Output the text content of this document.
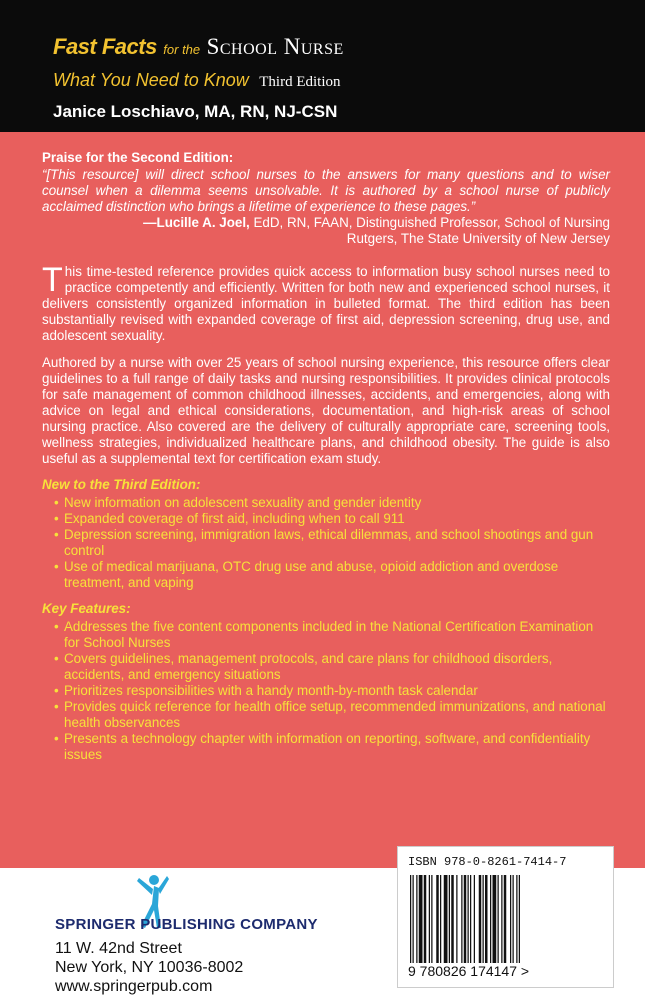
Fast Facts for the School Nurse
What You Need to Know Third Edition
Janice Loschiavo, MA, RN, NJ-CSN

Praise for the Second Edition:

“[This resource] will direct school nurses to the answers for many questions and to wiser counsel when a dilemma seems unsolvable. It is authored by a school nurse of publicly acclaimed distinction who brings a lifetime of experience to these pages.”

—Lucille A. Joel, EdD, RN, FAAN, Distinguished Professor, School of Nursing
Rutgers, The State University of New Jersey

This time-tested reference provides quick access to information busy school nurses need to practice competently and efficiently. Written for both new and experienced school nurses, it delivers consistently organized information in bulleted format. The third edition has been substantially revised with expanded coverage of first aid, depression screening, drug use, and adolescent sexuality.

Authored by a nurse with over 25 years of school nursing experience, this resource offers clear guidelines to a full range of daily tasks and nursing responsibilities. It provides clinical protocols for safe management of common childhood illnesses, accidents, and emergencies, along with advice on legal and ethical considerations, documentation, and high-risk areas of school nursing practice. Also covered are the delivery of culturally appropriate care, screening tools, wellness strategies, individualized healthcare plans, and childhood obesity. The guide is also useful as a supplemental text for certification exam study.

New to the Third Edition:
• New information on adolescent sexuality and gender identity
• Expanded coverage of first aid, including when to call 911
• Depression screening, immigration laws, ethical dilemmas, and school shootings and gun control
• Use of medical marijuana, OTC drug use and abuse, opioid addiction and overdose treatment, and vaping
Key Features:
• Addresses the five content components included in the National Certification Examination for School Nurses
• Covers guidelines, management protocols, and care plans for childhood disorders, accidents, and emergency situations
• Prioritizes responsibilities with a handy month-by-month task calendar
• Provides quick reference for health office setup, recommended immunizations, and national health observances
• Presents a technology chapter with information on reporting, software, and confidentiality issues
ISBN 978-0-8261-7414-7
9 780826 174147 >
SPRINGER PUBLISHING COMPANY
11 W. 42nd Street
New York, NY 10036-8002
www.springerpub.com
